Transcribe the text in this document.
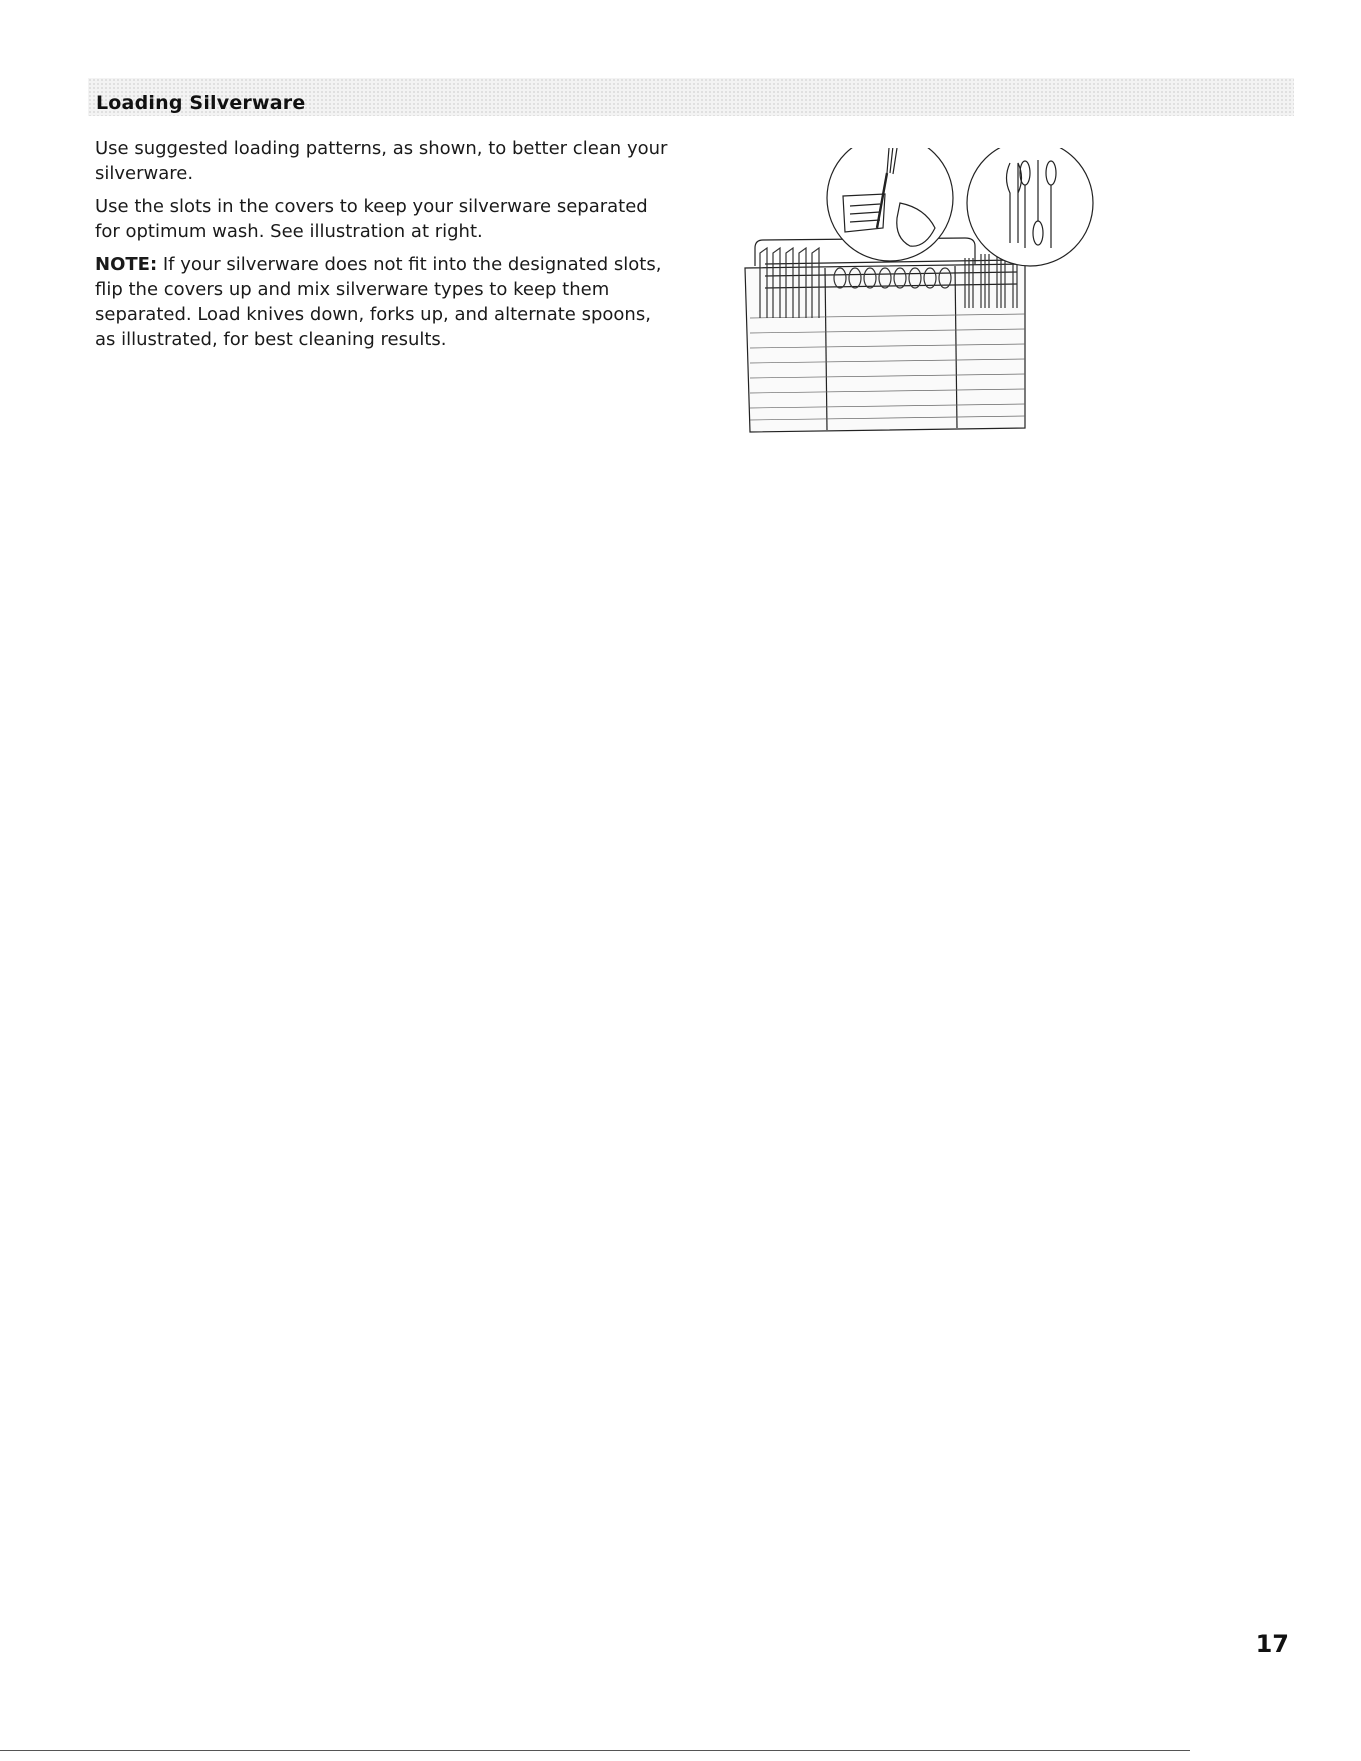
Loading Silverware

Use suggested loading patterns, as shown, to better clean your silverware.

Use the slots in the covers to keep your silverware separated for optimum wash. See illustration at right.

NOTE: If your silverware does not fit into the designated slots, flip the covers up and mix silverware types to keep them separated. Load knives down, forks up, and alternate spoons, as illustrated, for best cleaning results.

17
